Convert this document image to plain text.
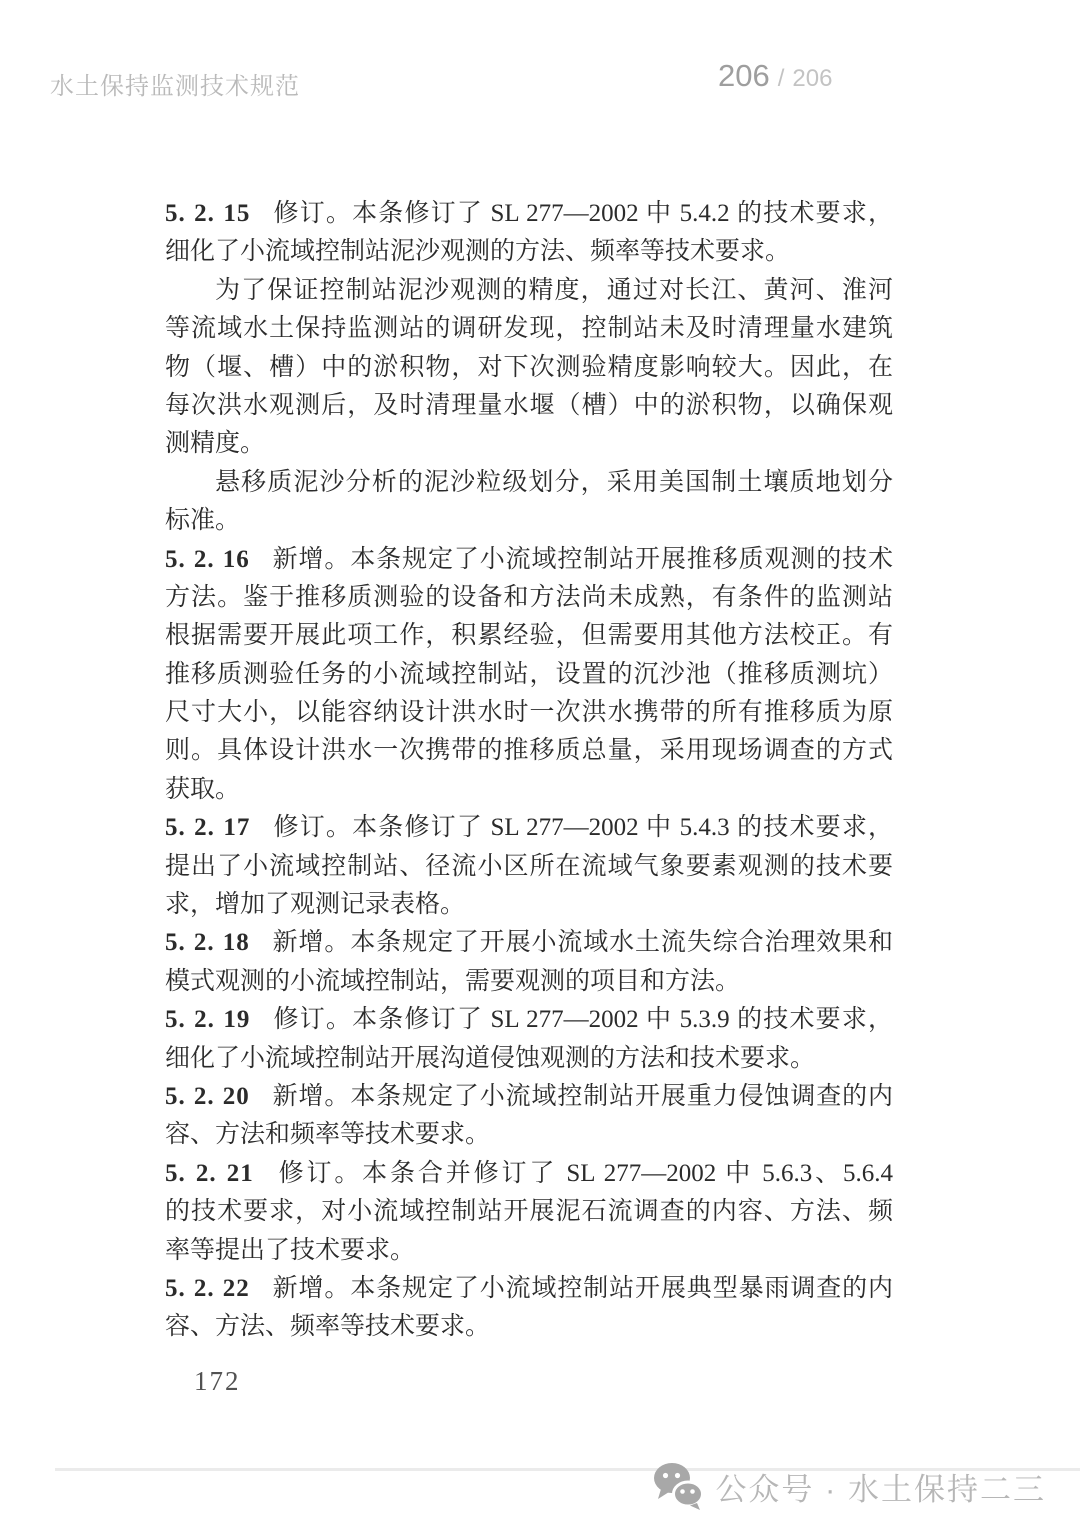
水土保持监测技术规范	206 / 206
5. 2. 15 修订。本条修订了 SL 277—2002 中 5.4.2 的技术要求，
细化了小流域控制站泥沙观测的方法、频率等技术要求。
为了保证控制站泥沙观测的精度，通过对长江、黄河、淮河
等流域水土保持监测站的调研发现，控制站未及时清理量水建筑
物（堰、槽）中的淤积物，对下次测验精度影响较大。因此，在
每次洪水观测后，及时清理量水堰（槽）中的淤积物，以确保观
测精度。
悬移质泥沙分析的泥沙粒级划分，采用美国制土壤质地划分
标准。
5. 2. 16 新增。本条规定了小流域控制站开展推移质观测的技术
方法。鉴于推移质测验的设备和方法尚未成熟，有条件的监测站
根据需要开展此项工作，积累经验，但需要用其他方法校正。有
推移质测验任务的小流域控制站，设置的沉沙池（推移质测坑）
尺寸大小，以能容纳设计洪水时一次洪水携带的所有推移质为原
则。具体设计洪水一次携带的推移质总量，采用现场调查的方式
获取。
5. 2. 17 修订。本条修订了 SL 277—2002 中 5.4.3 的技术要求，
提出了小流域控制站、径流小区所在流域气象要素观测的技术要
求，增加了观测记录表格。
5. 2. 18 新增。本条规定了开展小流域水土流失综合治理效果和
模式观测的小流域控制站，需要观测的项目和方法。
5. 2. 19 修订。本条修订了 SL 277—2002 中 5.3.9 的技术要求，
细化了小流域控制站开展沟道侵蚀观测的方法和技术要求。
5. 2. 20 新增。本条规定了小流域控制站开展重力侵蚀调查的内
容、方法和频率等技术要求。
5. 2. 21 修订。本条合并修订了 SL 277—2002 中 5.6.3、5.6.4
的技术要求，对小流域控制站开展泥石流调查的内容、方法、频
率等提出了技术要求。
5. 2. 22 新增。本条规定了小流域控制站开展典型暴雨调查的内
容、方法、频率等技术要求。
172
公众号 · 水土保持二三
